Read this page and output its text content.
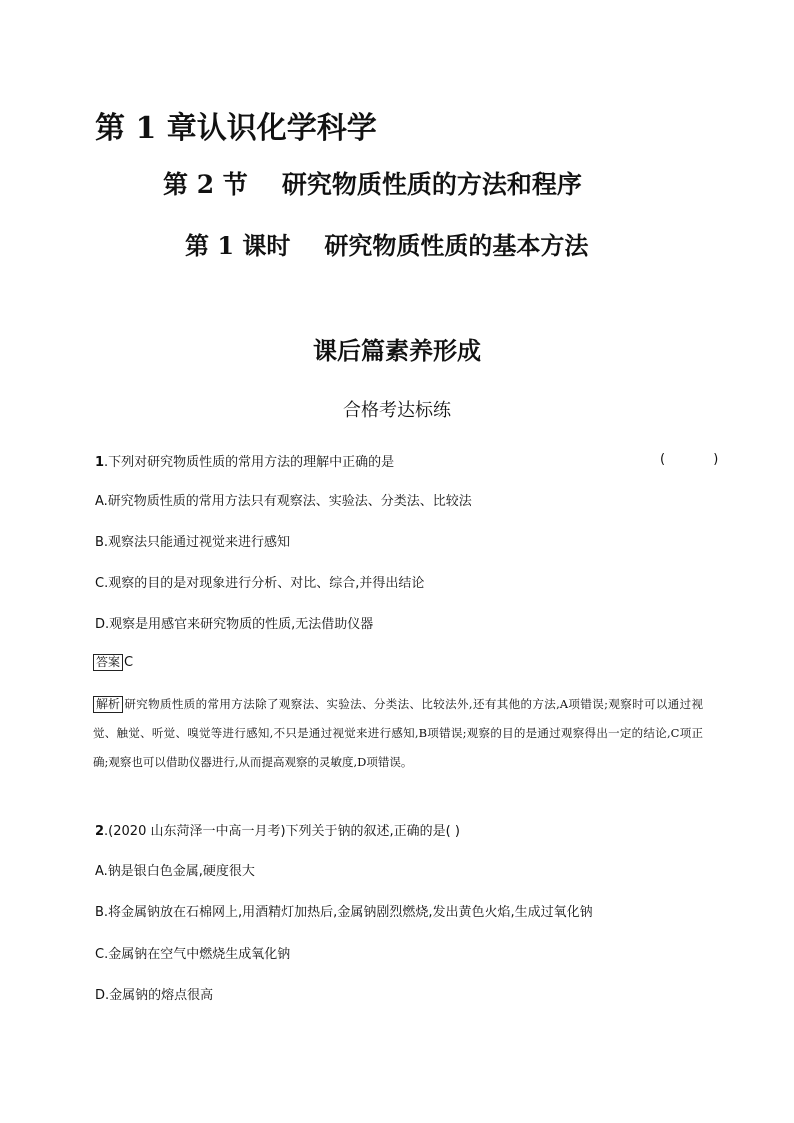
第 1 章认识化学科学
第 2 节 研究物质性质的方法和程序
第 1 课时 研究物质性质的基本方法
课后篇素养形成
合格考达标练
1.下列对研究物质性质的常用方法的理解中正确的是	( )
A.研究物质性质的常用方法只有观察法、实验法、分类法、比较法
B.观察法只能通过视觉来进行感知
C.观察的目的是对现象进行分析、对比、综合,并得出结论
D.观察是用感官来研究物质的性质,无法借助仪器
答案 C
解析 研究物质性质的常用方法除了观察法、实验法、分类法、比较法外,还有其他的方法,A项错误;观察时可以通过视觉、触觉、听觉、嗅觉等进行感知,不只是通过视觉来进行感知,B项错误;观察的目的是通过观察得出一定的结论,C项正确;观察也可以借助仪器进行,从而提高观察的灵敏度,D项错误。
2.(2020 山东菏泽一中高一月考)下列关于钠的叙述,正确的是( )
A.钠是银白色金属,硬度很大
B.将金属钠放在石棉网上,用酒精灯加热后,金属钠剧烈燃烧,发出黄色火焰,生成过氧化钠
C.金属钠在空气中燃烧生成氧化钠
D.金属钠的熔点很高
